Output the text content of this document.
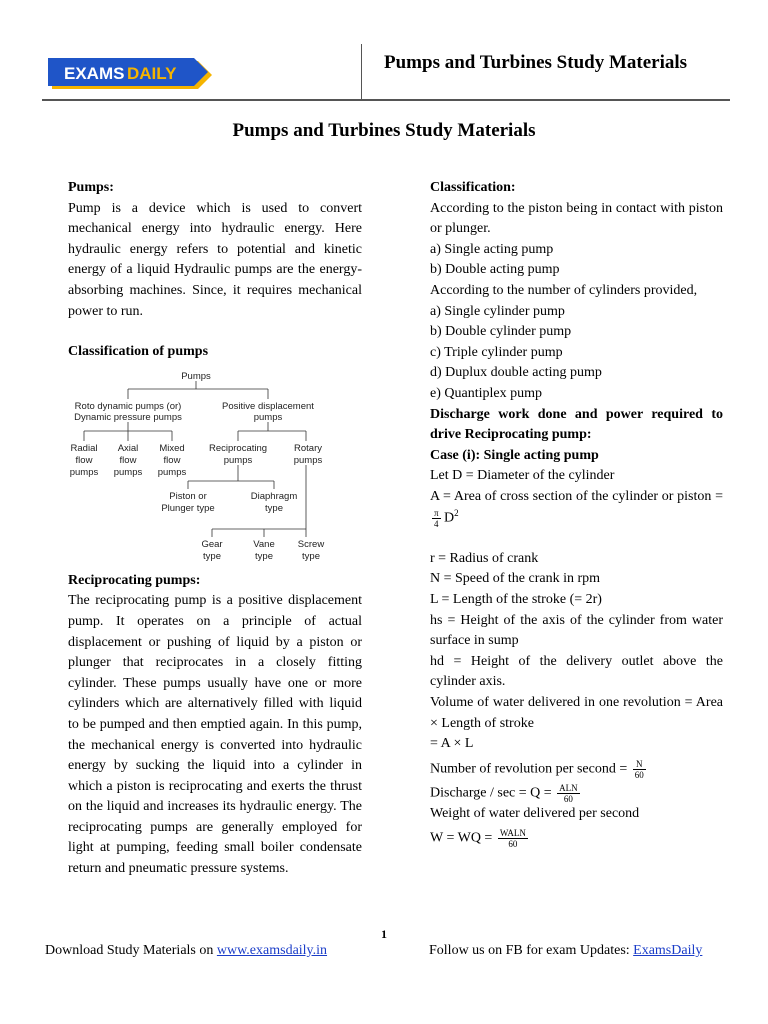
EXAMS DAILY
Pumps and Turbines Study Materials
Pumps and Turbines Study Materials

Pumps:

Pump is a device which is used to convert mechanical energy into hydraulic energy. Here hydraulic energy refers to potential and kinetic energy of a liquid Hydraulic pumps are the energy-absorbing machines. Since, it requires mechanical power to run.

Classification of pumps

Pumps
Roto dynamic pumps (or)
Dynamic pressure pumps
Positive displacement
pumps
Radial
flow
pumps
Axial
flow
pumps
Mixed
flow
pumps
Reciprocating
pumps
Rotary
pumps
Piston or
Plunger type
Diaphragm
type
Gear
type
Vane
type
Screw
type

Reciprocating pumps:

The reciprocating pump is a positive displacement pump. It operates on a principle of actual displacement or pushing of liquid by a piston or plunger that reciprocates in a closely fitting cylinder. These pumps usually have one or more cylinders which are alternatively filled with liquid to be pumped and then emptied again. In this pump, the mechanical energy is converted into hydraulic energy by sucking the liquid into a cylinder in which a piston is reciprocating and exerts the thrust on the liquid and increases its hydraulic energy. The reciprocating pumps are generally employed for light at pumping, feeding small boiler condensate return and pneumatic pressure systems.

Classification:

According to the piston being in contact with piston or plunger.

a) Single acting pump

b) Double acting pump

According to the number of cylinders provided,

a) Single cylinder pump

b) Double cylinder pump

c) Triple cylinder pump

d) Duplux double acting pump

e) Quantiplex pump

Discharge work done and power required to drive Reciprocating pump:

Case (i): Single acting pump

Let D = Diameter of the cylinder

A = Area of cross section of the cylinder or piston =
$\frac{\pi}{4} D^2$

r = Radius of crank

N = Speed of the crank in rpm

L = Length of the stroke (= 2r)

hs = Height of the axis of the cylinder from water surface in sump

hd = Height of the delivery outlet above the cylinder axis.

Volume of water delivered in one revolution = Area × Length of stroke

= A × L

Number of revolution per second = $\frac{N}{60}$

Discharge / $\sec = Q = \frac{\text{ALN}}{60}$

Weight of water delivered per second

W = WQ = $\frac{\text{WALN}}{60}$

1
Download Study Materials on www.examsdaily.in	Follow us on FB for exam Updates: ExamsDaily
